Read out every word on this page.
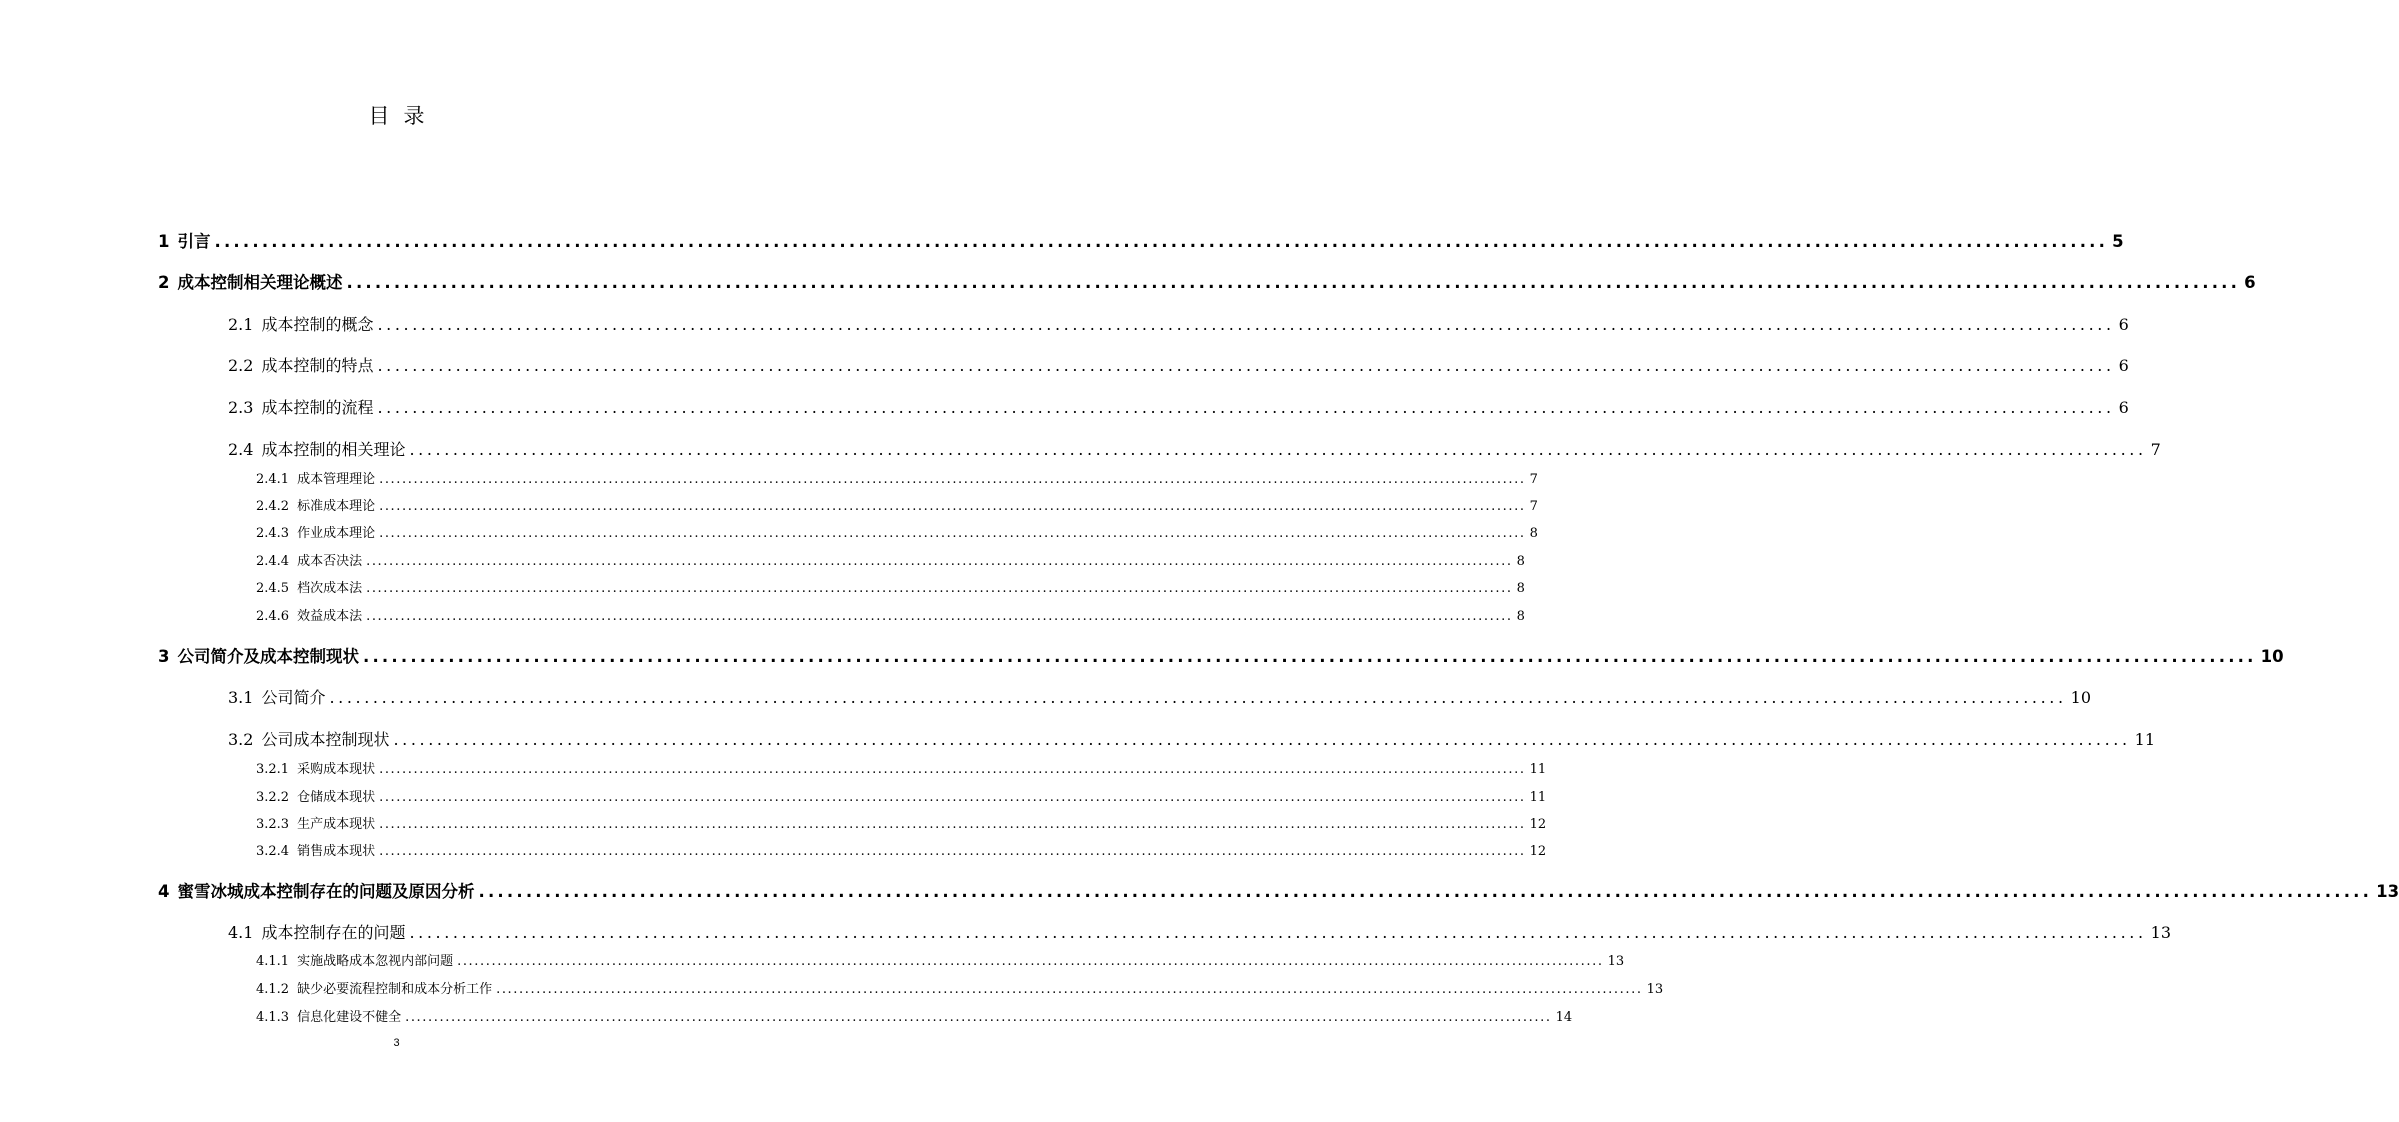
目录
1 引言 ........................................................................................................................................................................................................ 5
2 成本控制相关理论概述 ........................................................................................................................................................................................................ 6
2.1 成本控制的概念 ........................................................................................................................................................................................................ 6
2.2 成本控制的特点 ........................................................................................................................................................................................................ 6
2.3 成本控制的流程 ........................................................................................................................................................................................................ 6
2.4 成本控制的相关理论 ........................................................................................................................................................................................................ 7
2.4.1 成本管理理论 ........................................................................................................................................................................................................ 7
2.4.2 标准成本理论 ........................................................................................................................................................................................................ 7
2.4.3 作业成本理论 ........................................................................................................................................................................................................ 8
2.4.4 成本否决法 ........................................................................................................................................................................................................ 8
2.4.5 档次成本法 ........................................................................................................................................................................................................ 8
2.4.6 效益成本法 ........................................................................................................................................................................................................ 8
3 公司简介及成本控制现状 ........................................................................................................................................................................................................ 10
3.1 公司简介 ........................................................................................................................................................................................................ 10
3.2 公司成本控制现状 ........................................................................................................................................................................................................ 11
3.2.1 采购成本现状 ........................................................................................................................................................................................................ 11
3.2.2 仓储成本现状 ........................................................................................................................................................................................................ 11
3.2.3 生产成本现状 ........................................................................................................................................................................................................ 12
3.2.4 销售成本现状 ........................................................................................................................................................................................................ 12
4 蜜雪冰城成本控制存在的问题及原因分析 ........................................................................................................................................................................................................ 13
4.1 成本控制存在的问题 ........................................................................................................................................................................................................ 13
4.1.1 实施战略成本忽视内部问题 ........................................................................................................................................................................................................ 13
4.1.2 缺少必要流程控制和成本分析工作 ........................................................................................................................................................................................................ 13
4.1.3 信息化建设不健全 ........................................................................................................................................................................................................ 14
3
